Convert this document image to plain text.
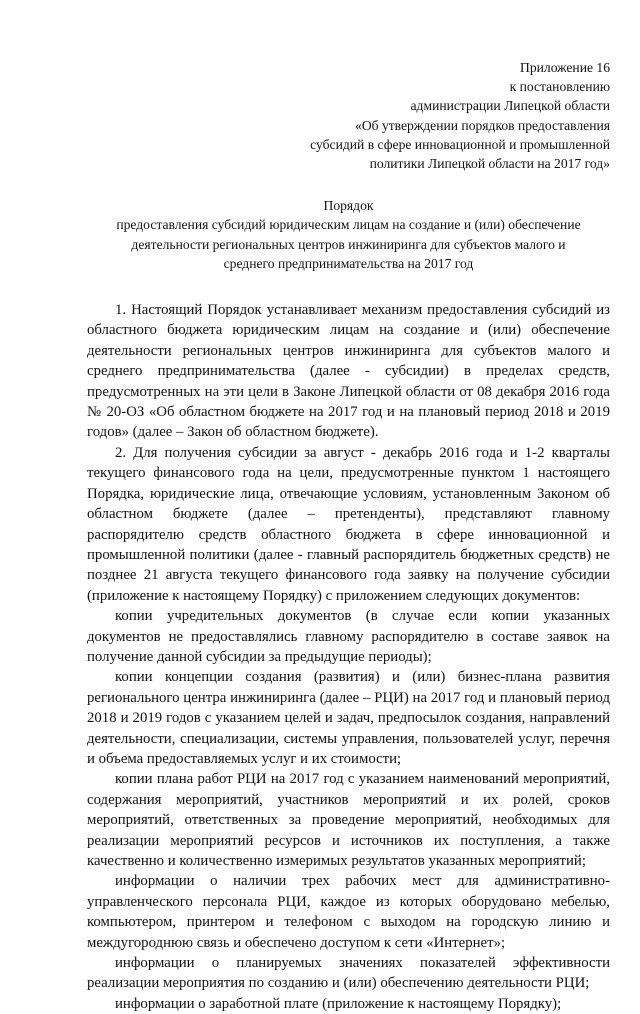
Приложение 16
к постановлению
администрации Липецкой области
«Об утверждении порядков предоставления
субсидий в сфере инновационной и промышленной
политики Липецкой области на 2017 год»
Порядок
предоставления субсидий юридическим лицам на создание и (или) обеспечение
деятельности региональных центров инжиниринга для субъектов малого и
среднего предпринимательства на 2017 год

1. Настоящий Порядок устанавливает механизм предоставления субсидий из областного бюджета юридическим лицам на создание и (или) обеспечение деятельности региональных центров инжиниринга для субъектов малого и среднего предпринимательства (далее - субсидии) в пределах средств, предусмотренных на эти цели в Законе Липецкой области от 08 декабря 2016 года № 20-ОЗ «Об областном бюджете на 2017 год и на плановый период 2018 и 2019 годов» (далее – Закон об областном бюджете).

2. Для получения субсидии за август - декабрь 2016 года и 1-2 кварталы текущего финансового года на цели, предусмотренные пунктом 1 настоящего Порядка, юридические лица, отвечающие условиям, установленным Законом об областном бюджете (далее – претенденты), представляют главному распорядителю средств областного бюджета в сфере инновационной и промышленной политики (далее - главный распорядитель бюджетных средств) не позднее 21 августа текущего финансового года заявку на получение субсидии (приложение к настоящему Порядку) с приложением следующих документов:

копии учредительных документов (в случае если копии указанных документов не предоставлялись главному распорядителю в составе заявок на получение данной субсидии за предыдущие периоды);

копии концепции создания (развития) и (или) бизнес-плана развития регионального центра инжиниринга (далее – РЦИ) на 2017 год и плановый период 2018 и 2019 годов с указанием целей и задач, предпосылок создания, направлений деятельности, специализации, системы управления, пользователей услуг, перечня и объема предоставляемых услуг и их стоимости;

копии плана работ РЦИ на 2017 год с указанием наименований мероприятий, содержания мероприятий, участников мероприятий и их ролей, сроков мероприятий, ответственных за проведение мероприятий, необходимых для реализации мероприятий ресурсов и источников их поступления, а также качественно и количественно измеримых результатов указанных мероприятий;

информации о наличии трех рабочих мест для административно-управленческого персонала РЦИ, каждое из которых оборудовано мебелью, компьютером, принтером и телефоном с выходом на городскую линию и междугороднюю связь и обеспечено доступом к сети «Интернет»;

информации о планируемых значениях показателей эффективности реализации мероприятия по созданию и (или) обеспечению деятельности РЦИ;

информации о заработной плате (приложение к настоящему Порядку);
